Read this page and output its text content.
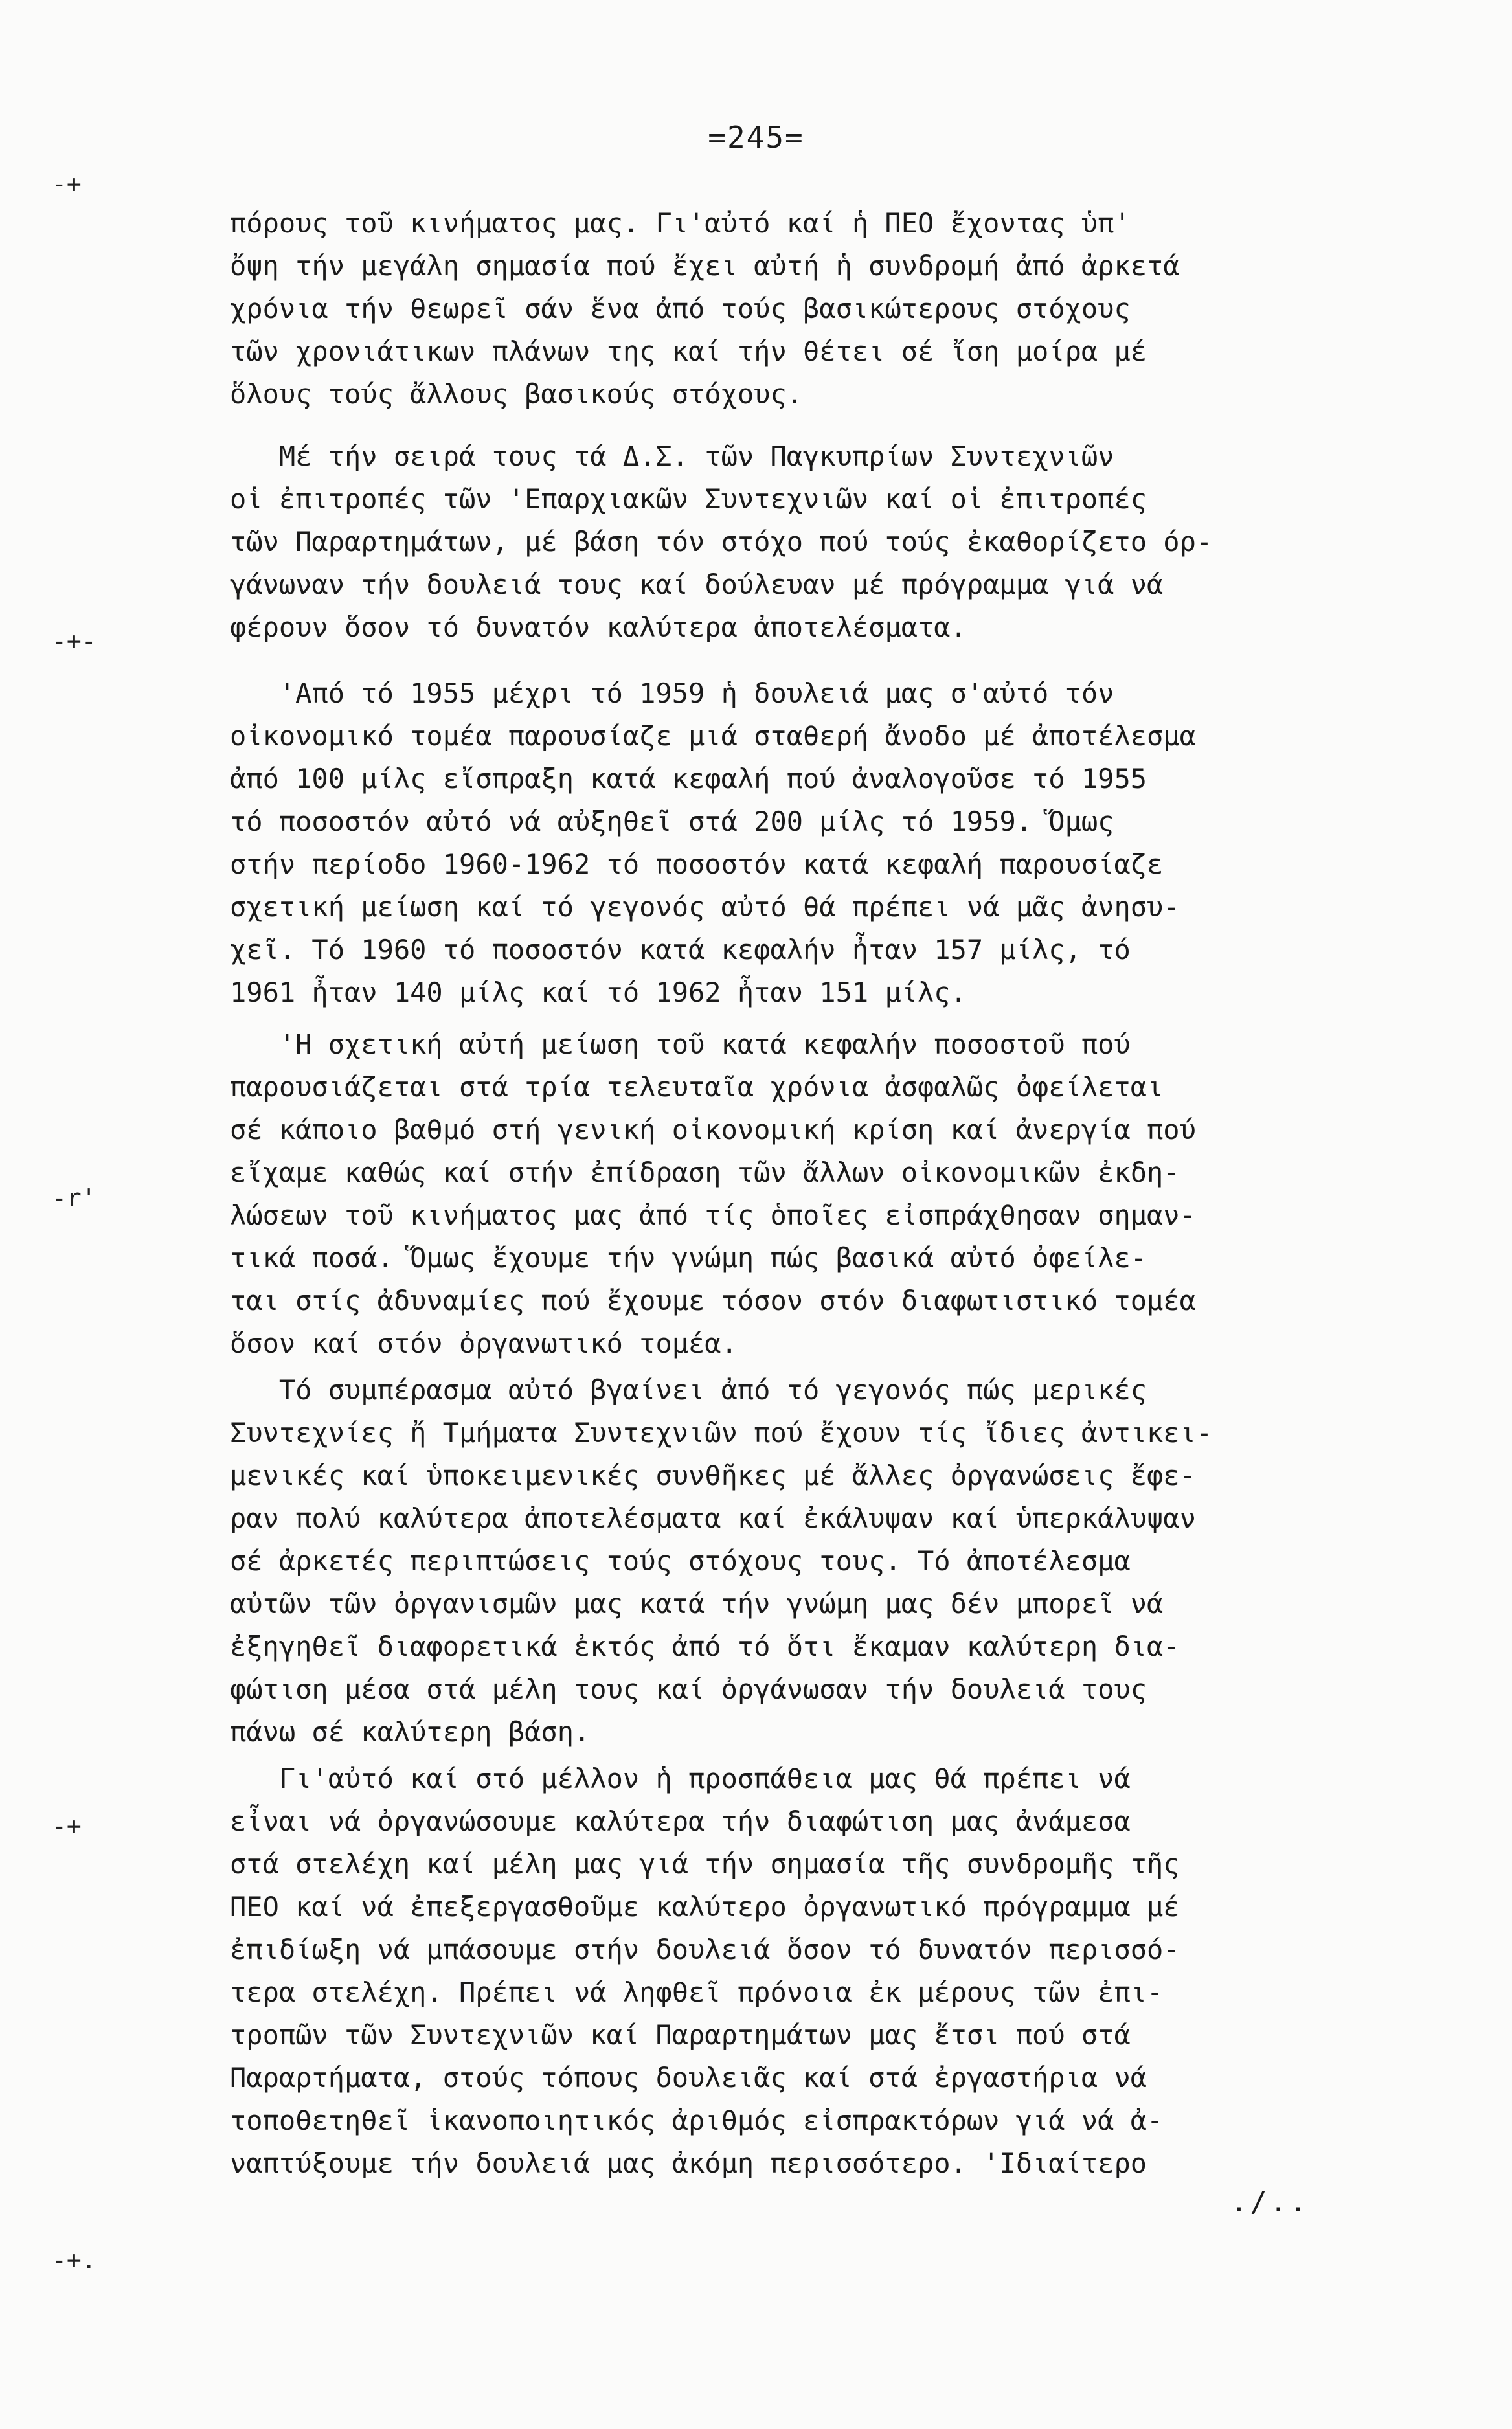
=245=
-+
-+-
-r'
-+
-+.
πόρους τοῦ κινήματος μας. Γι'αὐτό καί ἡ ΠΕΟ ἔχοντας ὑπ'
ὄψη τήν μεγάλη σημασία πού ἔχει αὐτή ἡ συνδρομή ἀπό ἀρκετά
χρόνια τήν θεωρεῖ σάν ἕνα ἀπό τούς βασικώτερους στόχους
τῶν χρονιάτικων πλάνων της καί τήν θέτει σέ ἴση μοίρα μέ
ὅλους τούς ἄλλους βασικούς στόχους.
Μέ τήν σειρά τους τά Δ.Σ. τῶν Παγκυπρίων Συντεχνιῶν
οἱ ἐπιτροπές τῶν 'Επαρχιακῶν Συντεχνιῶν καί οἱ ἐπιτροπές
τῶν Παραρτημάτων, μέ βάση τόν στόχο πού τούς ἐκαθορίζετο όρ-
γάνωναν τήν δουλειά τους καί δούλευαν μέ πρόγραμμα γιά νά
φέρουν ὅσον τό δυνατόν καλύτερα ἀποτελέσματα.
'Από τό 1955 μέχρι τό 1959 ἡ δουλειά μας σ'αὐτό τόν
οἰκονομικό τομέα παρουσίαζε μιά σταθερή ἄνοδο μέ ἀποτέλεσμα
ἀπό 100 μίλς εἴσπραξη κατά κεφαλή πού ἀναλογοῦσε τό 1955
τό ποσοστόν αὐτό νά αὐξηθεῖ στά 200 μίλς τό 1959. Ὅμως
στήν περίοδο 1960-1962 τό ποσοστόν κατά κεφαλή παρουσίαζε
σχετική μείωση καί τό γεγονός αὐτό θά πρέπει νά μᾶς ἀνησυ-
χεῖ. Τό 1960 τό ποσοστόν κατά κεφαλήν ἦταν 157 μίλς, τό
1961 ἦταν 140 μίλς καί τό 1962 ἦταν 151 μίλς.
'Η σχετική αὐτή μείωση τοῦ κατά κεφαλήν ποσοστοῦ πού
παρουσιάζεται στά τρία τελευταῖα χρόνια ἀσφαλῶς ὀφείλεται
σέ κάποιο βαθμό στή γενική οἰκονομική κρίση καί ἀνεργία πού
εἴχαμε καθώς καί στήν ἐπίδραση τῶν ἄλλων οἰκονομικῶν ἐκδη-
λώσεων τοῦ κινήματος μας ἀπό τίς ὁποῖες εἰσπράχθησαν σημαν-
τικά ποσά. Ὅμως ἔχουμε τήν γνώμη πώς βασικά αὐτό ὀφείλε-
ται στίς ἀδυναμίες πού ἔχουμε τόσον στόν διαφωτιστικό τομέα
ὅσον καί στόν ὀργανωτικό τομέα.
Τό συμπέρασμα αὐτό βγαίνει ἀπό τό γεγονός πώς μερικές
Συντεχνίες ἤ Τμήματα Συντεχνιῶν πού ἔχουν τίς ἴδιες ἀντικει-
μενικές καί ὑποκειμενικές συνθῆκες μέ ἄλλες ὀργανώσεις ἔφε-
ραν πολύ καλύτερα ἀποτελέσματα καί ἐκάλυψαν καί ὑπερκάλυψαν
σέ ἀρκετές περιπτώσεις τούς στόχους τους. Τό ἀποτέλεσμα
αὐτῶν τῶν ὀργανισμῶν μας κατά τήν γνώμη μας δέν μπορεῖ νά
ἐξηγηθεῖ διαφορετικά ἐκτός ἀπό τό ὅτι ἔκαμαν καλύτερη δια-
φώτιση μέσα στά μέλη τους καί ὀργάνωσαν τήν δουλειά τους
πάνω σέ καλύτερη βάση.
Γι'αὐτό καί στό μέλλον ἡ προσπάθεια μας θά πρέπει νά
εἶναι νά ὀργανώσουμε καλύτερα τήν διαφώτιση μας ἀνάμεσα
στά στελέχη καί μέλη μας γιά τήν σημασία τῆς συνδρομῆς τῆς
ΠΕΟ καί νά ἐπεξεργασθοῦμε καλύτερο ὀργανωτικό πρόγραμμα μέ
ἐπιδίωξη νά μπάσουμε στήν δουλειά ὅσον τό δυνατόν περισσό-
τερα στελέχη. Πρέπει νά ληφθεῖ πρόνοια ἐκ μέρους τῶν ἐπι-
τροπῶν τῶν Συντεχνιῶν καί Παραρτημάτων μας ἔτσι πού στά
Παραρτήματα, στούς τόπους δουλειᾶς καί στά ἐργαστήρια νά
τοποθετηθεῖ ἱκανοποιητικός ἀριθμός εἰσπρακτόρων γιά νά ἀ-
ναπτύξουμε τήν δουλειά μας ἀκόμη περισσότερο. 'Ιδιαίτερο
./..
